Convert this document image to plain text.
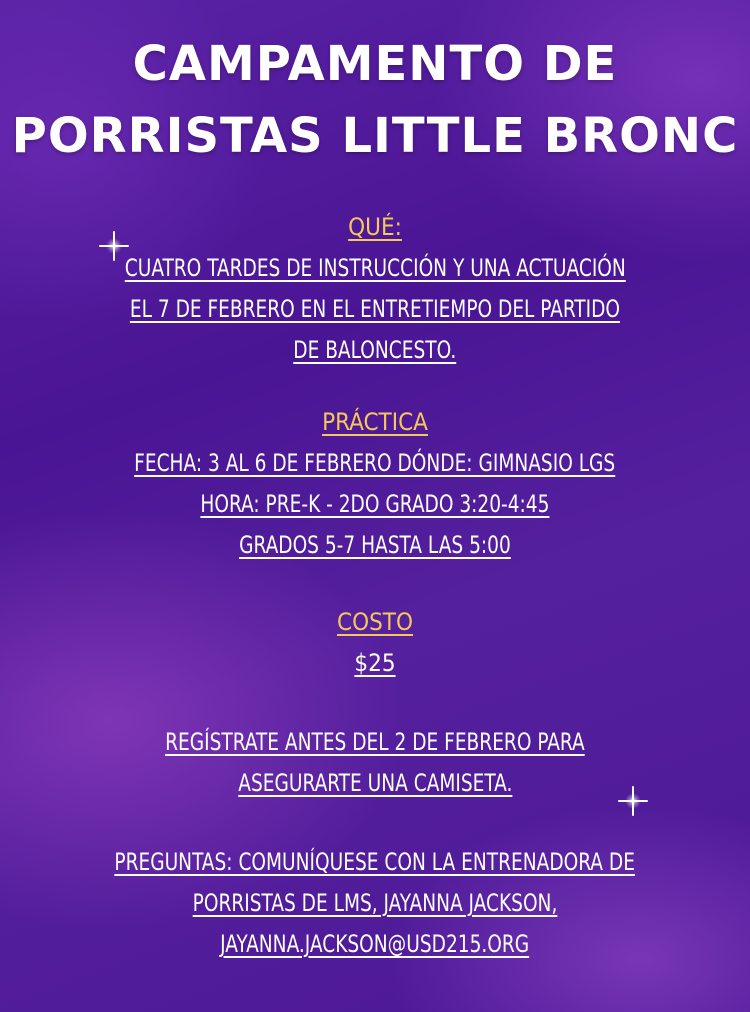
CAMPAMENTO DE
PORRISTAS LITTLE BRONC
QUÉ:
CUATRO TARDES DE INSTRUCCIÓN Y UNA ACTUACIÓN
EL 7 DE FEBRERO EN EL ENTRETIEMPO DEL PARTIDO
DE BALONCESTO.
PRÁCTICA
FECHA: 3 AL 6 DE FEBRERO DÓNDE: GIMNASIO LGS
HORA: PRE-K - 2DO GRADO 3:20-4:45
GRADOS 5-7 HASTA LAS 5:00
COSTO
$25
REGÍSTRATE ANTES DEL 2 DE FEBRERO PARA
ASEGURARTE UNA CAMISETA.
PREGUNTAS: COMUNÍQUESE CON LA ENTRENADORA DE
PORRISTAS DE LMS, JAYANNA JACKSON,
JAYANNA.JACKSON@USD215.ORG
